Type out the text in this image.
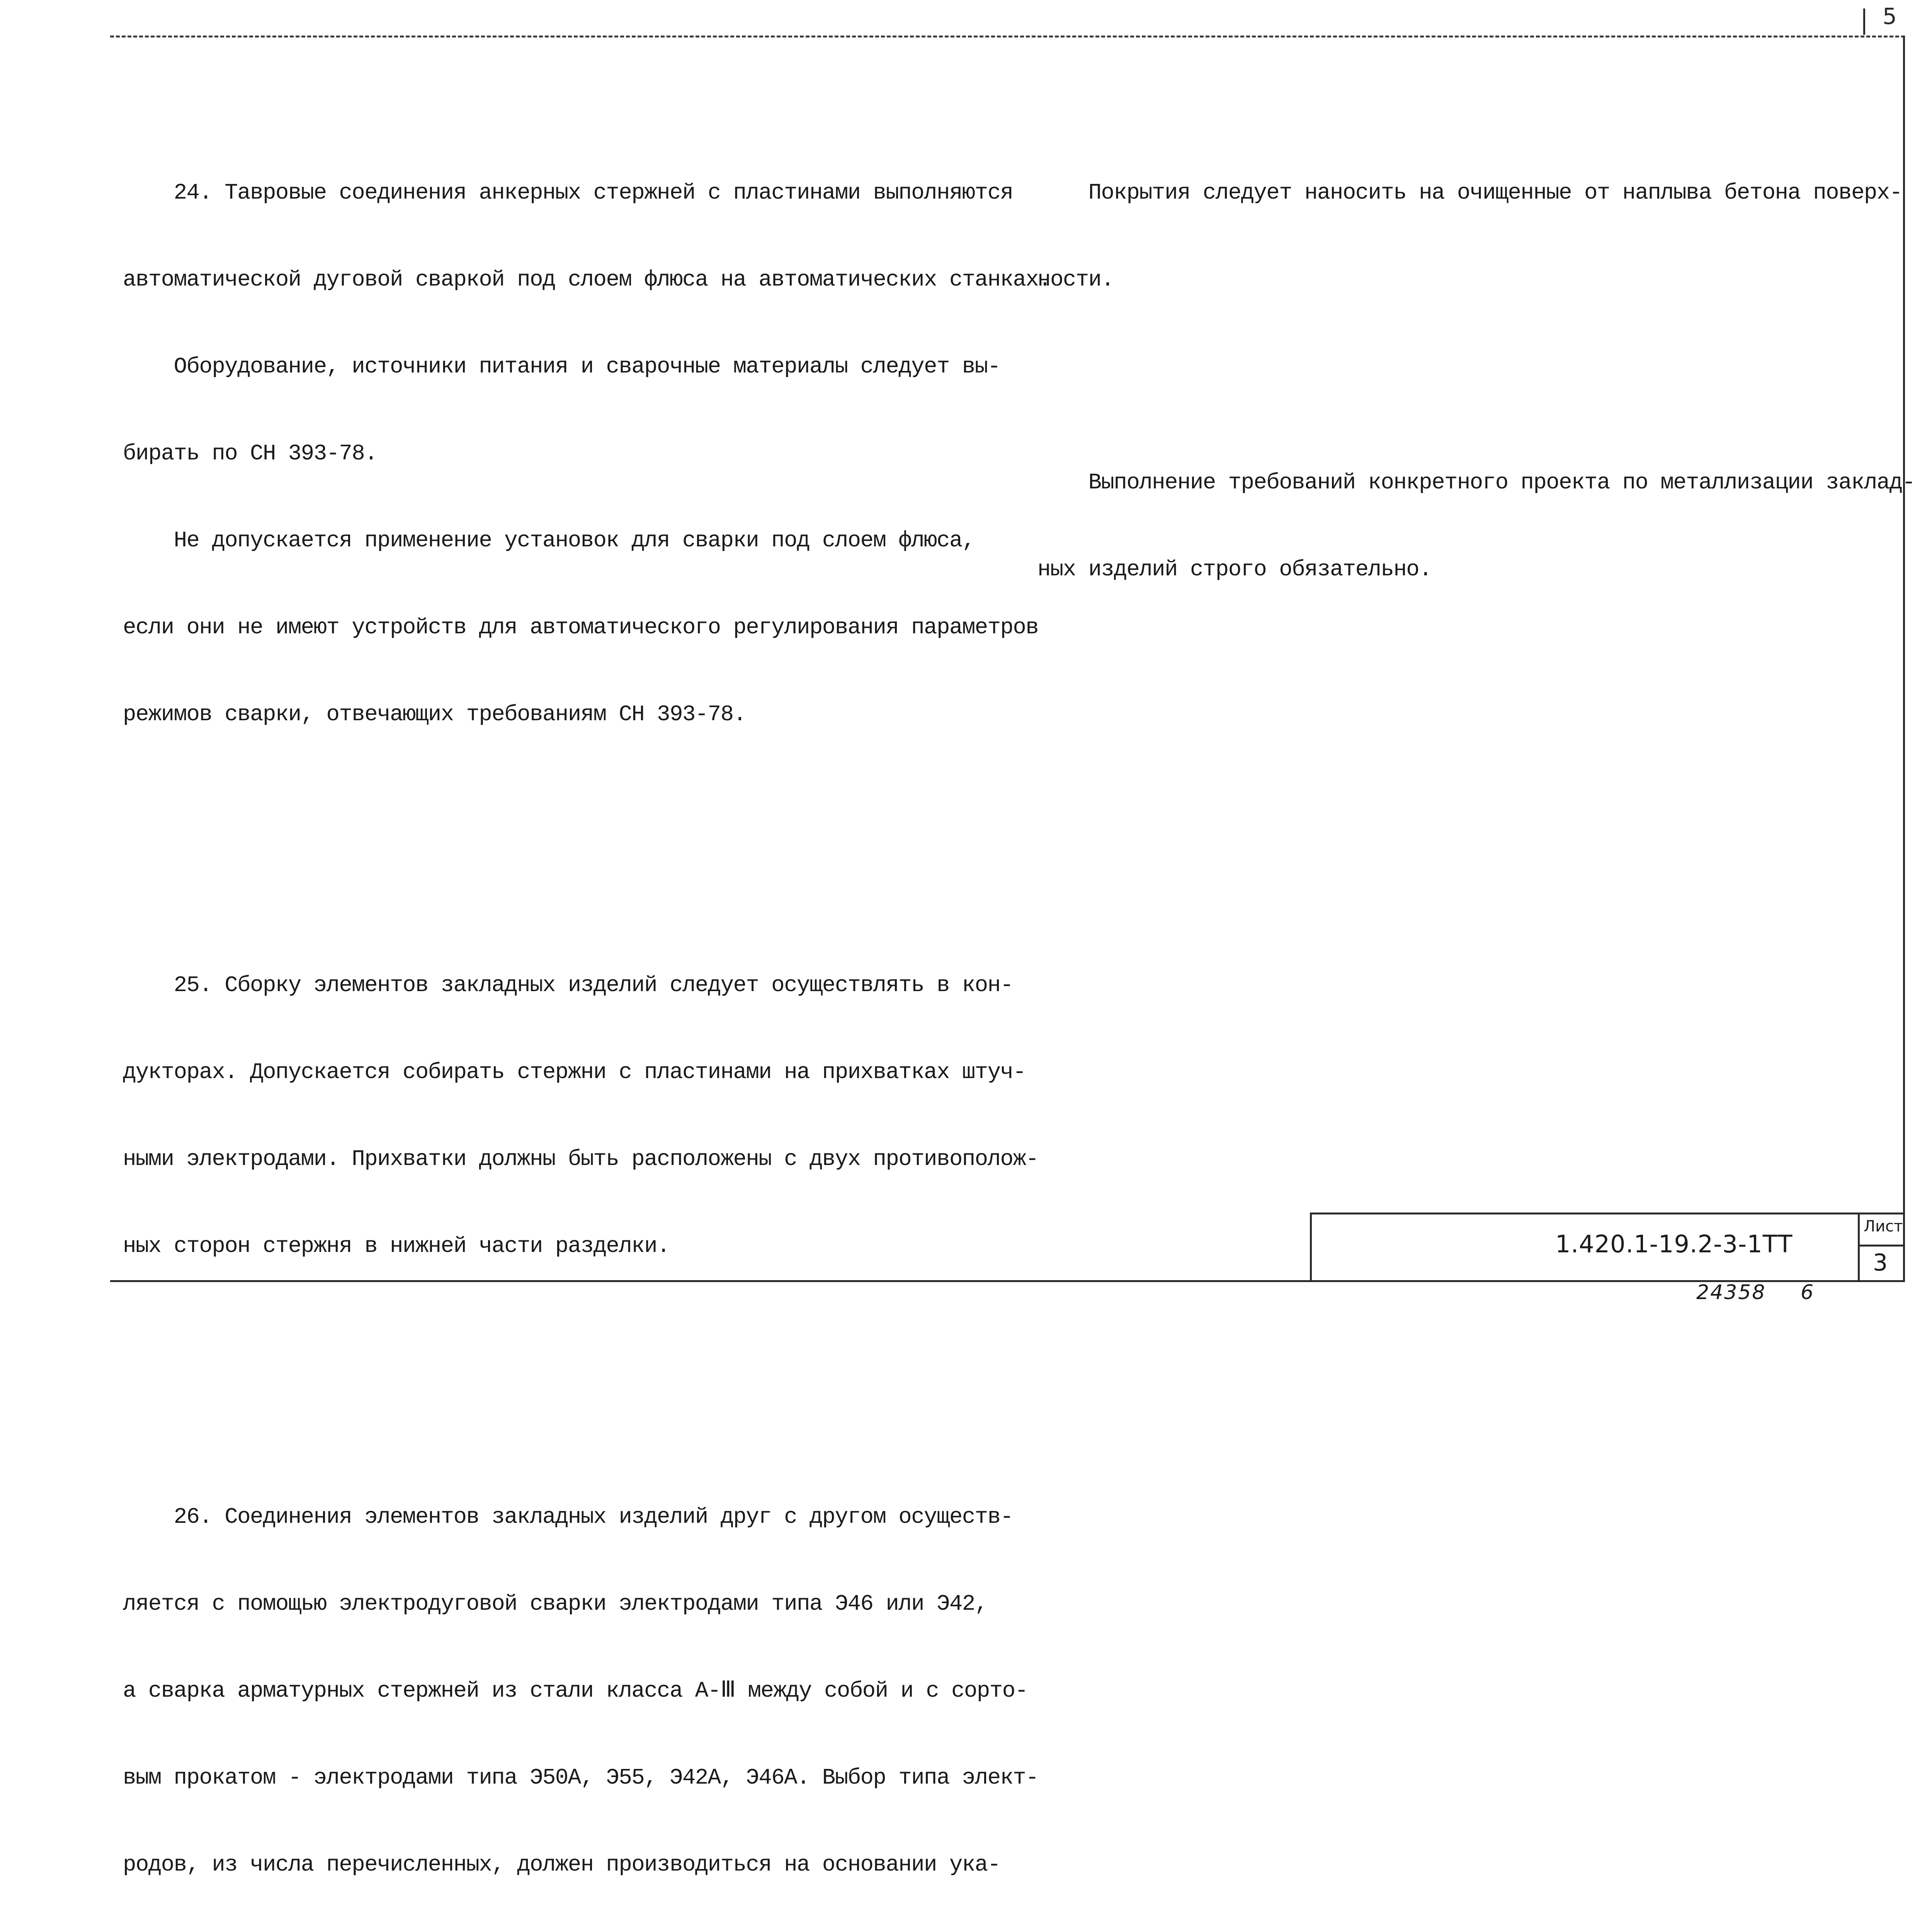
5

24. Тавровые соединения анкерных стержней с пластинами выполняются

автоматической дуговой сваркой под слоем флюса на автоматических станках.

Оборудование, источники питания и сварочные материалы следует вы-

бирать по СН 393-78.

Не допускается применение установок для сварки под слоем флюса,

если они не имеют устройств для автоматического регулирования параметров

режимов сварки, отвечающих требованиям СН 393-78.

25. Сборку элементов закладных изделий следует осуществлять в кон-

дукторах. Допускается собирать стержни с пластинами на прихватках штуч-

ными электродами. Прихватки должны быть расположены с двух противополож-

ных сторон стержня в нижней части разделки.

26. Соединения элементов закладных изделий друг с другом осуществ-

ляется с помощью электродуговой сварки электродами типа Э46 или Э42,

а сварка арматурных стержней из стали класса А-Ⅲ между собой и с сорто-

вым прокатом - электродами типа Э50А, Э55, Э42А, Э46А. Выбор типа элект-

родов, из числа перечисленных, должен производиться на основании ука-

Покрытия следует наносить на очищенные от наплыва бетона поверх-

ности.

Выполнение требований конкретного проекта по металлизации заклад-

ных изделий строго обязательно.

1.420.1-19.2-3-1ТТ
Лист
3
24358 6
